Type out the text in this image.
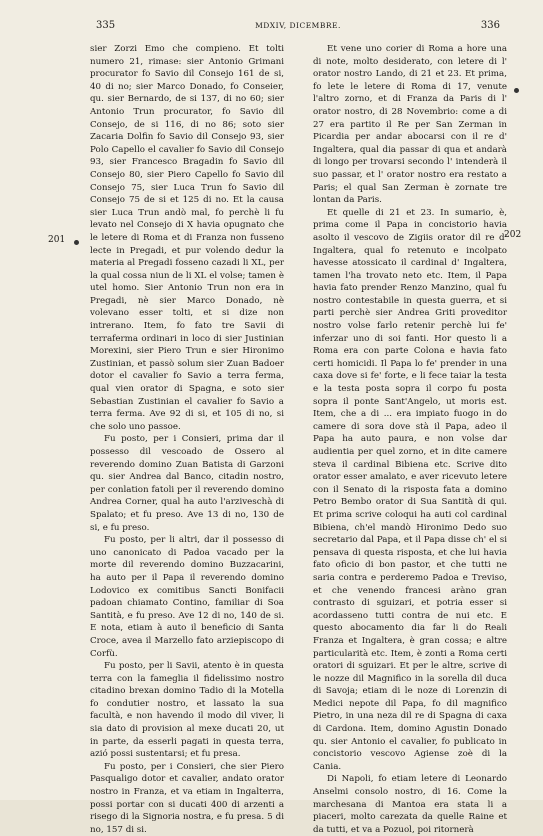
335	MDXIV, DICEMBRE.	336
201	202

sier Zorzi Emo che compieno. Et tolti numero 21, rimase: sier Antonio Grimani procurator fo Savio dil Consejo 161 de si, 40 di no; sier Marco Donado, fo Conseier, qu. sier Bernardo, de si 137, di no 60; sier Antonio Trun procurator, fo Savio dil Consejo, de si 116, di no 86; soto sier Zacaria Dolfin fo Savio dil Consejo 93, sier Polo Capello el cavalier fo Savio dil Consejo 93, sier Francesco Bragadin fo Savio dil Consejo 80, sier Piero Capello fo Savio dil Consejo 75, sier Luca Trun fo Savio dil Consejo 75 de si et 125 di no. Et la causa sier Luca Trun andò mal, fo perchè li fu levato nel Consejo di X havia opugnato che le letere di Roma et di Franza non fusseno lecte in Pregadi, et pur volendo dedur la materia al Pregadi fosseno cazadi li XL, per la qual cossa niun de li XL el volse; tamen è utel homo. Sier Antonio Trun non era in Pregadi, nè sier Marco Donado, nè volevano esser tolti, et si dize non intrerano. Item, fo fato tre Savii di terraferma ordinari in loco di sier Justinian Morexini, sier Piero Trun e sier Hironimo Zustinian, et passò solum sier Zuan Badoer dotor el cavalier fo Savio a terra ferma, qual vien orator di Spagna, e soto sier Sebastian Zustinian el cavalier fo Savio a terra ferma. Ave 92 di si, et 105 di no, si che solo uno passoe.

Fu posto, per i Consieri, prima dar il possesso dil vescoado de Ossero al reverendo domino Zuan Batista di Garzoni qu. sier Andrea dal Banco, citadin nostro, per conlation fatoli per il reverendo domino Andrea Corner, qual ha auto l'arziveschà di Spalato; et fu preso. Ave 13 di no, 130 de si, e fu preso.

Fu posto, per li altri, dar il possesso di uno canonicato di Padoa vacado per la morte dil reverendo domino Buzzacarini, ha auto per il Papa il reverendo domino Lodovico ex comitibus Sancti Bonifacii padoan chiamato Contino, familiar di Soa Santità, e fu preso. Ave 12 di no, 140 de si. E nota, etiam à auto il beneficio di Santa Croce, avea il Marzello fato arziepiscopo di Corfù.

Fu posto, per li Savii, atento è in questa terra con la fameglia il fidelissimo nostro citadino brexan domino Tadio di la Motella fo condutier nostro, et lassato la sua facultà, e non havendo il modo dil viver, li sia dato di provision al mexe ducati 20, ut in parte, da esserli pagati in questa terra, azió possi sustentarsi; et fu presa.

Fu posto, per i Consieri, che sier Piero Pasqualigo dotor et cavalier, andato orator nostro in Franza, et va etiam in Ingalterra, possi portar con si ducati 400 di arzenti a risego di la Signoria nostra, e fu presa. 5 di no, 157 di si.

Et vene uno corier di Roma a hore una di note, molto desiderato, con letere di l' orator nostro Lando, di 21 et 23. Et prima, fo lete le letere di Roma di 17, venute l'altro zorno, et di Franza da Paris di l' orator nostro, di 28 Novembrio: come a di 27 era partito il Re per San Zerman in Picardia per andar abocarsi con il re d' Ingaltera, qual dia passar di qua et andarà di longo per trovarsi secondo l' intenderà il suo passar, et l' orator nostro era restato a Paris; el qual San Zerman è zornate tre lontan da Paris.

Et quelle di 21 et 23. In sumario, è, prima come il Papa in concistorio havia asolto il vescovo de Zigiis orator dil re d' Ingaltera, qual fo retenuto e incolpato havesse atossicato il cardinal d' Ingaltera, tamen l'ha trovato neto etc. Item, il Papa havia fato prender Renzo Manzino, qual fu nostro contestabile in questa guerra, et si parti perchè sier Andrea Griti proveditor nostro volse farlo retenir perchè lui fe' inferzar uno di soi fanti. Hor questo li a Roma era con parte Colona e havia fato certi homicidi. Il Papa lo fe' prender in una caxa dove si fe' forte, e li fece taiar la testa e la testa posta sopra il corpo fu posta sopra il ponte Sant'Angelo, ut moris est. Item, che a di ... era impiato fuogo in do camere di sora dove stà il Papa, adeo il Papa ha auto paura, e non volse dar audientia per quel zorno, et in dite camere steva il cardinal Bibiena etc. Scrive dito orator esser amalato, e aver ricevuto letere con il Senato di la risposta fata a domino Petro Bembo orator di Sua Santità di qui. Et prima scrive coloqui ha auti col cardinal Bibiena, ch'el mandò Hironimo Dedo suo secretario dal Papa, et il Papa disse ch' el si pensava di questa risposta, et che lui havia fato oficio di bon pastor, et che tutti ne saria contra e perderemo Padoa e Treviso, et che venendo francesi aràno gran contrasto di sguizari, et potria esser si acordasseno tutti contra de nui etc. E questo abocamento dia far li do Reali Franza et Ingaltera, è gran cossa; e altre particularità etc. Item, è zonti a Roma certi oratori di sguizari. Et per le altre, scrive di le nozze dil Magnifico in la sorella dil duca di Savoja; etiam di le noze di Lorenzin di Medici nepote dil Papa, fo dil magnifico Pietro, in una neza dil re di Spagna di caxa di Cardona. Item, domino Agustin Donado qu. sier Antonio el cavalier, fo publicato in concistorio vescovo Agiense zoè di la Cania.

Di Napoli, fo etiam letere di Leonardo Anselmi consolo nostro, di 16. Come la marchesana di Mantoa era stata li a piaceri, molto carezata da quelle Raine et da tutti, et va a Pozuol, poi ritornerà
